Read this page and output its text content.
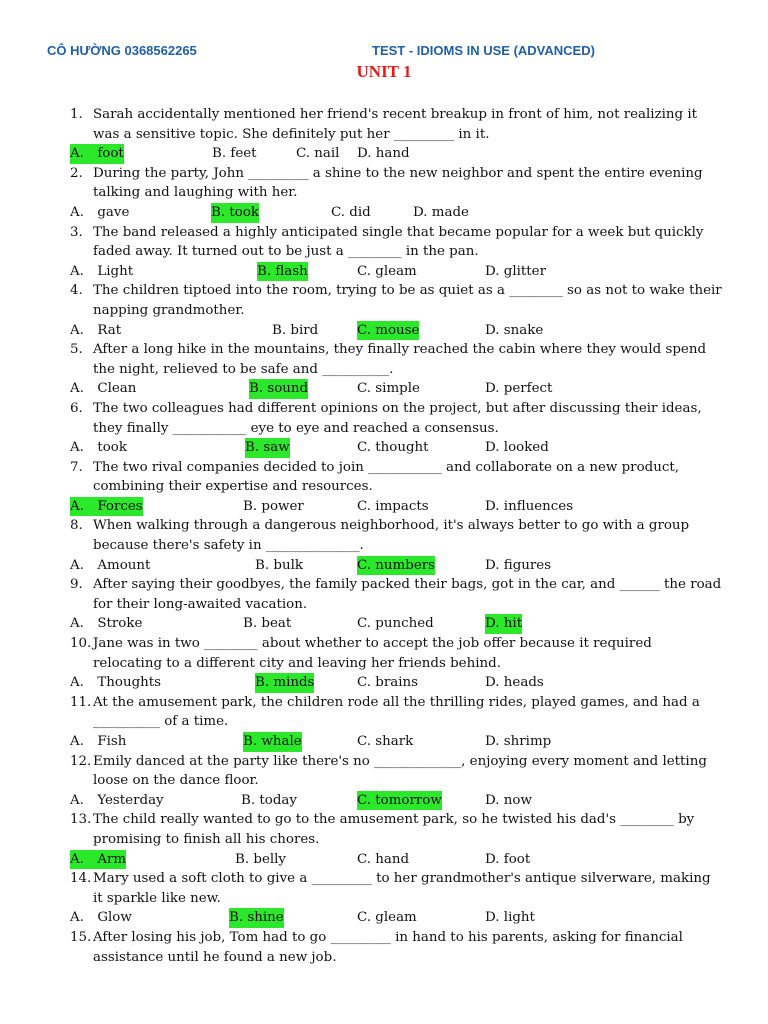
CÔ HƯỜNG 0368562265	TEST - IDIOMS IN USE (ADVANCED)
UNIT 1
1. Sarah accidentally mentioned her friend's recent breakup in front of him, not realizing it was a sensitive topic. She definitely put her _________ in it.
A.  foot	B. feet	C. nail D. hand
2. During the party, John _________ a shine to the new neighbor and spent the entire evening talking and laughing with her.
A.  gave	B. took	C. did	D. made
3. The band released a highly anticipated single that became popular for a week but quickly faded away. It turned out to be just a ________ in the pan.
A.  Light	B. flash	C. gleam	D. glitter
4. The children tiptoed into the room, trying to be as quiet as a ________ so as not to wake their napping grandmother.
A.  Rat	B. bird	C. mouse	D. snake
5. After a long hike in the mountains, they finally reached the cabin where they would spend the night, relieved to be safe and __________.
A.  Clean	B. sound	C. simple	D. perfect
6. The two colleagues had different opinions on the project, but after discussing their ideas, they finally ___________ eye to eye and reached a consensus.
A.  took	B. saw	C. thought	D. looked
7. The two rival companies decided to join ___________ and collaborate on a new product, combining their expertise and resources.
A.  Forces	B. power	C. impacts	D. influences
8. When walking through a dangerous neighborhood, it's always better to go with a group because there's safety in ______________.
A.  Amount	B. bulk	C. numbers	D. figures
9. After saying their goodbyes, the family packed their bags, got in the car, and ______ the road for their long-awaited vacation.
A.  Stroke	B. beat	C. punched	D. hit
10. Jane was in two ________ about whether to accept the job offer because it required relocating to a different city and leaving her friends behind.
A.  Thoughts	B. minds	C. brains	D. heads
11. At the amusement park, the children rode all the thrilling rides, played games, and had a __________ of a time.
A.  Fish	B. whale	C. shark	D. shrimp
12. Emily danced at the party like there's no _____________, enjoying every moment and letting loose on the dance floor.
A.  Yesterday	B. today	C. tomorrow	D. now
13. The child really wanted to go to the amusement park, so he twisted his dad's ________ by promising to finish all his chores.
A.  Arm	B. belly	C. hand	D. foot
14. Mary used a soft cloth to give a _________ to her grandmother's antique silverware, making it sparkle like new.
A.  Glow	B. shine	C. gleam	D. light
15. After losing his job, Tom had to go _________ in hand to his parents, asking for financial assistance until he found a new job.
